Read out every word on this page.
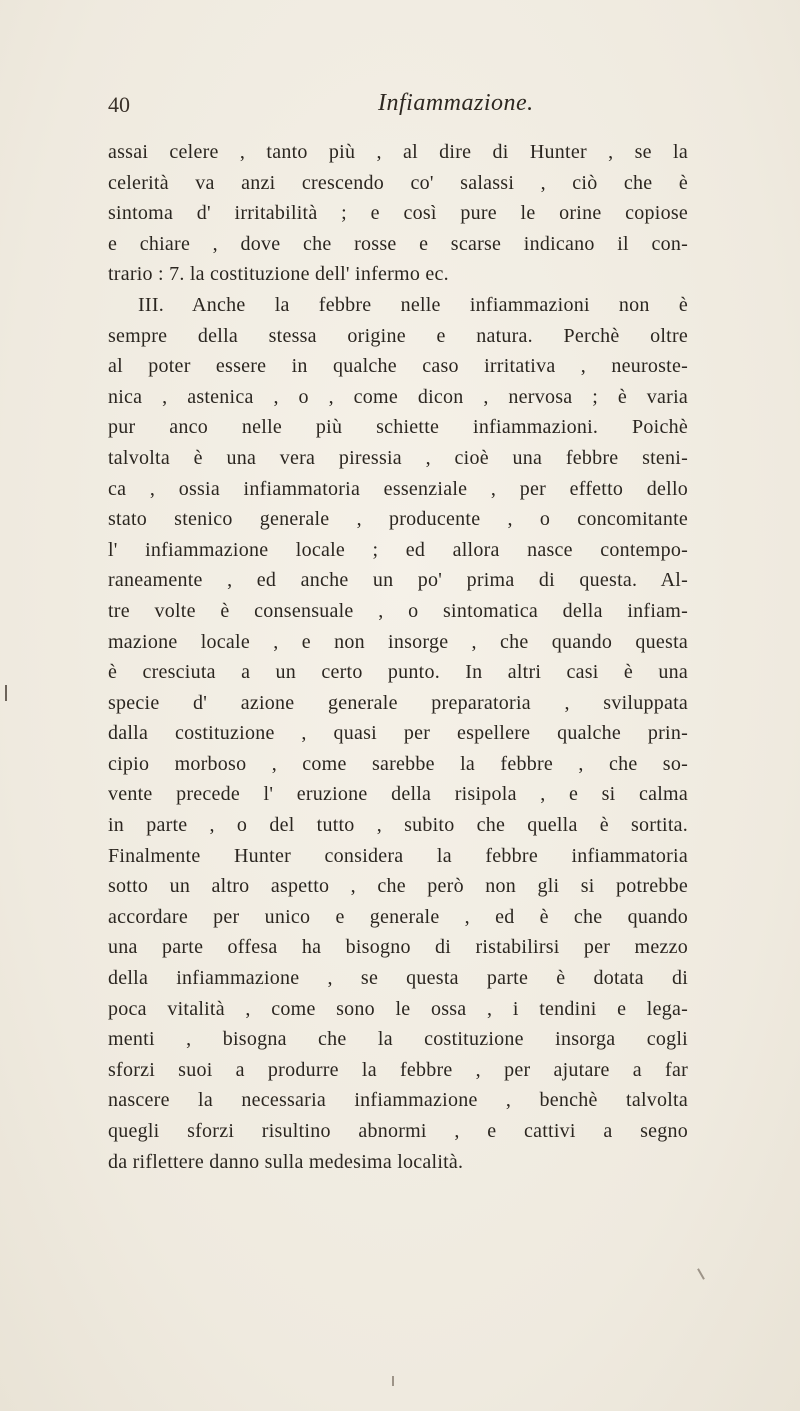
40	Infiammazione.
assai celere , tanto più , al dire di Hunter , se la
celerità va anzi crescendo co' salassi , ciò che è
sintoma d' irritabilità ; e così pure le orine copiose
e chiare , dove che rosse e scarse indicano il con-
trario : 7. la costituzione dell' infermo ec.
III. Anche la febbre nelle infiammazioni non è
sempre della stessa origine e natura. Perchè oltre
al poter essere in qualche caso irritativa , neuroste-
nica , astenica , o , come dicon , nervosa ; è varia
pur anco nelle più schiette infiammazioni. Poichè
talvolta è una vera piressia , cioè una febbre steni-
ca , ossia infiammatoria essenziale , per effetto dello
stato stenico generale , producente , o concomitante
l' infiammazione locale ; ed allora nasce contempo-
raneamente , ed anche un po' prima di questa. Al-
tre volte è consensuale , o sintomatica della infiam-
mazione locale , e non insorge , che quando questa
è cresciuta a un certo punto. In altri casi è una
specie d' azione generale preparatoria , sviluppata
dalla costituzione , quasi per espellere qualche prin-
cipio morboso , come sarebbe la febbre , che so-
vente precede l' eruzione della risipola , e si calma
in parte , o del tutto , subito che quella è sortita.
Finalmente Hunter considera la febbre infiammatoria
sotto un altro aspetto , che però non gli si potrebbe
accordare per unico e generale , ed è che quando
una parte offesa ha bisogno di ristabilirsi per mezzo
della infiammazione , se questa parte è dotata di
poca vitalità , come sono le ossa , i tendini e lega-
menti , bisogna che la costituzione insorga cogli
sforzi suoi a produrre la febbre , per ajutare a far
nascere la necessaria infiammazione , benchè talvolta
quegli sforzi risultino abnormi , e cattivi a segno
da riflettere danno sulla medesima località.
